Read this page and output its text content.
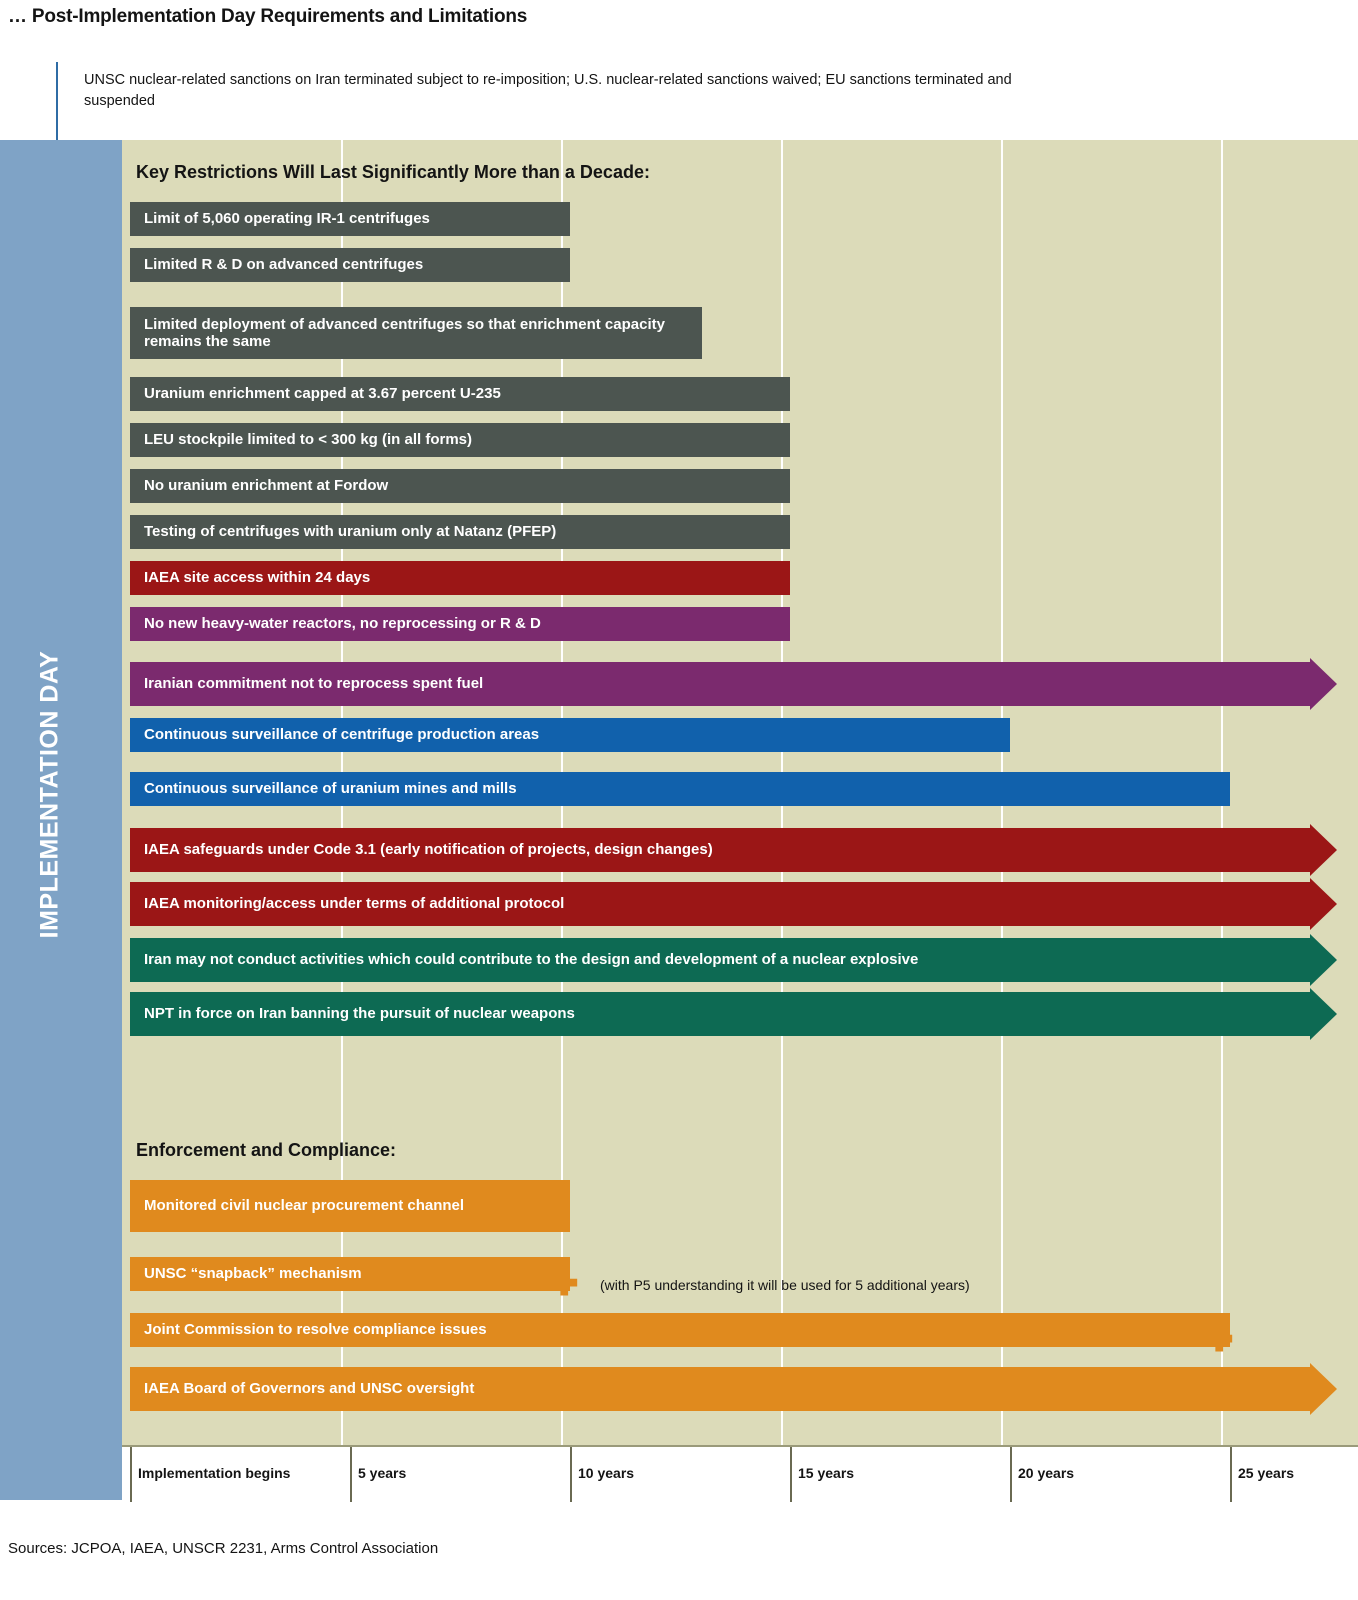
… Post-Implementation Day Requirements and Limitations
UNSC nuclear-related sanctions on Iran terminated subject to re-imposition; U.S. nuclear-related sanctions waived; EU sanctions terminated and suspended
IMPLEMENTATION DAY
Key Restrictions Will Last Significantly More than a Decade:
Enforcement and Compliance:
Limit of 5,060 operating IR-1 centrifuges
Limited R & D on advanced centrifuges
Limited deployment of advanced centrifuges so that enrichment capacity remains the same
Uranium enrichment capped at 3.67 percent U-235
LEU stockpile limited to < 300 kg (in all forms)
No uranium enrichment at Fordow
Testing of centrifuges with uranium only at Natanz (PFEP)
IAEA site access within 24 days
No new heavy-water reactors, no reprocessing or R & D
Iranian commitment not to reprocess spent fuel
Continuous surveillance of centrifuge production areas
Continuous surveillance of uranium mines and mills
IAEA safeguards under Code 3.1 (early notification of projects, design changes)
IAEA monitoring/access under terms of additional protocol
Iran may not conduct activities which could contribute to the design and development of a nuclear explosive
NPT in force on Iran banning the pursuit of nuclear weapons
Monitored civil nuclear procurement channel
UNSC “snapback” mechanism
Joint Commission to resolve compliance issues
IAEA Board of Governors and UNSC oversight
✚ (with P5 understanding it will be used for 5 additional years)
✚
Implementation begins	5 years	10 years	15 years	20 years	25 years
Sources: JCPOA, IAEA, UNSCR 2231, Arms Control Association
